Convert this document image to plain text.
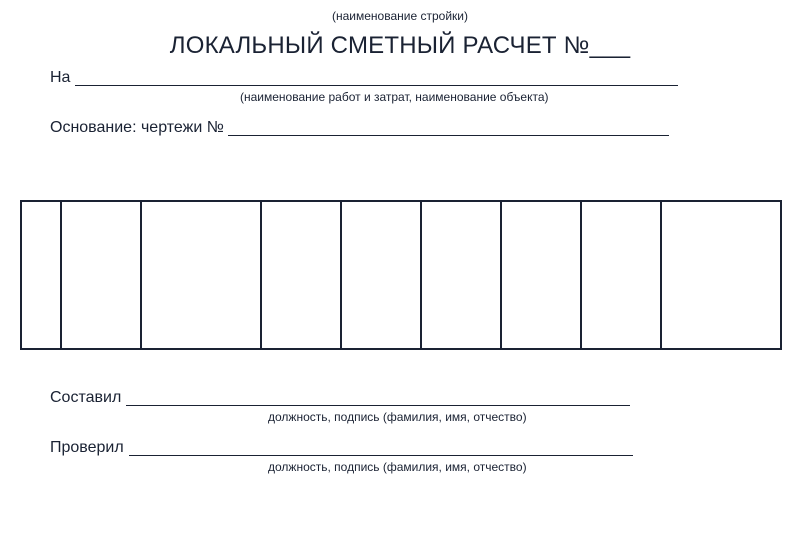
(наименование стройки)
ЛОКАЛЬНЫЙ СМЕТНЫЙ РАСЧЕТ №___
На
(наименование работ и затрат, наименование объекта)
Основание: чертежи №

Составил
должность, подпись (фамилия, имя, отчество)
Проверил
должность, подпись (фамилия, имя, отчество)
